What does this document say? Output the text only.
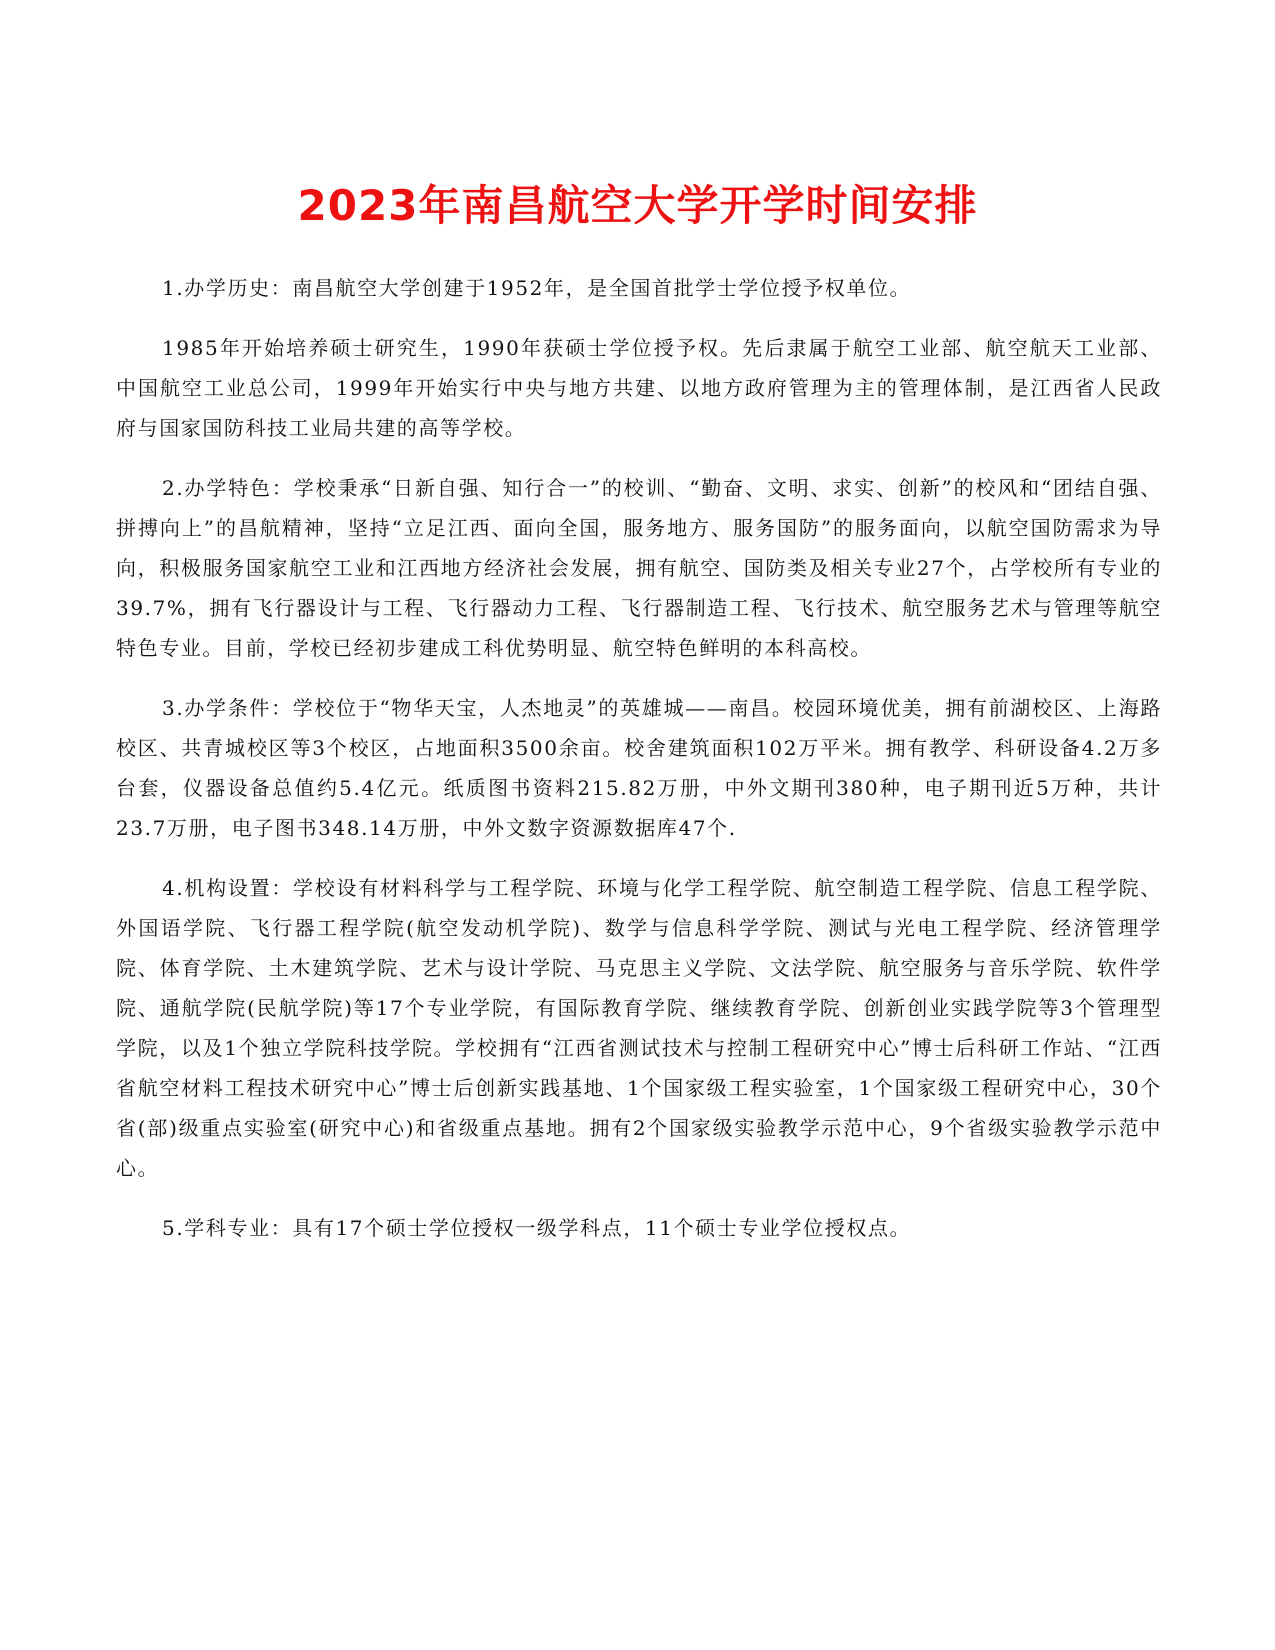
2023年南昌航空大学开学时间安排

1.办学历史：南昌航空大学创建于1952年，是全国首批学士学位授予权单位。

1985年开始培养硕士研究生，1990年获硕士学位授予权。先后隶属于航空工业部、航空航天工业部、中国航空工业总公司，1999年开始实行中央与地方共建、以地方政府管理为主的管理体制，是江西省人民政府与国家国防科技工业局共建的高等学校。

2.办学特色：学校秉承“日新自强、知行合一”的校训、“勤奋、文明、求实、创新”的校风和“团结自强、拼搏向上”的昌航精神，坚持“立足江西、面向全国，服务地方、服务国防”的服务面向，以航空国防需求为导向，积极服务国家航空工业和江西地方经济社会发展，拥有航空、国防类及相关专业27个，占学校所有专业的39.7%，拥有飞行器设计与工程、飞行器动力工程、飞行器制造工程、飞行技术、航空服务艺术与管理等航空特色专业。目前，学校已经初步建成工科优势明显、航空特色鲜明的本科高校。

3.办学条件：学校位于“物华天宝，人杰地灵”的英雄城——南昌。校园环境优美，拥有前湖校区、上海路校区、共青城校区等3个校区，占地面积3500余亩。校舍建筑面积102万平米。拥有教学、科研设备4.2万多台套，仪器设备总值约5.4亿元。纸质图书资料215.82万册，中外文期刊380种，电子期刊近5万种，共计23.7万册，电子图书348.14万册，中外文数字资源数据库47个.

4.机构设置：学校设有材料科学与工程学院、环境与化学工程学院、航空制造工程学院、信息工程学院、外国语学院、飞行器工程学院(航空发动机学院)、数学与信息科学学院、测试与光电工程学院、经济管理学院、体育学院、土木建筑学院、艺术与设计学院、马克思主义学院、文法学院、航空服务与音乐学院、软件学院、通航学院(民航学院)等17个专业学院，有国际教育学院、继续教育学院、创新创业实践学院等3个管理型学院，以及1个独立学院科技学院。学校拥有“江西省测试技术与控制工程研究中心”博士后科研工作站、“江西省航空材料工程技术研究中心”博士后创新实践基地、1个国家级工程实验室，1个国家级工程研究中心，30个省(部)级重点实验室(研究中心)和省级重点基地。拥有2个国家级实验教学示范中心，9个省级实验教学示范中心。

5.学科专业：具有17个硕士学位授权一级学科点，11个硕士专业学位授权点。
